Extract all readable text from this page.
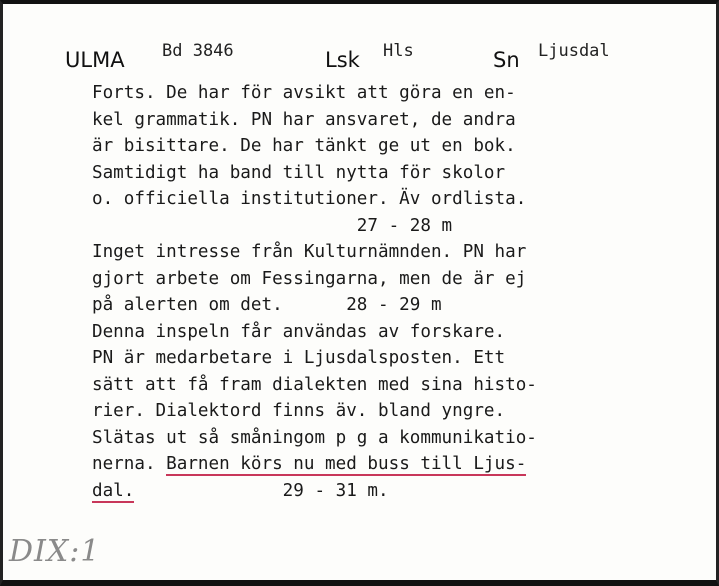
ULMA Bd 3846	Lsk Hls	Sn Ljusdal
Forts. De har för avsikt att göra en en-
kel grammatik. PN har ansvaret, de andra
är bisittare. De har tänkt ge ut en bok.
Samtidigt ha band till nytta för skolor
o. officiella institutioner. Äv ordlista.
27 - 28 m
Inget intresse från Kulturnämnden. PN har
gjort arbete om Fessingarna, men de är ej
på alerten om det.      28 - 29 m
Denna inspeln får användas av forskare.
PN är medarbetare i Ljusdalsposten. Ett
sätt att få fram dialekten med sina histo-
rier. Dialektord finns äv. bland yngre.
Slätas ut så småningom p g a kommunikatio-
nerna. Barnen körs nu med buss till Ljus-
dal.              29 - 31 m.
DIX:1
